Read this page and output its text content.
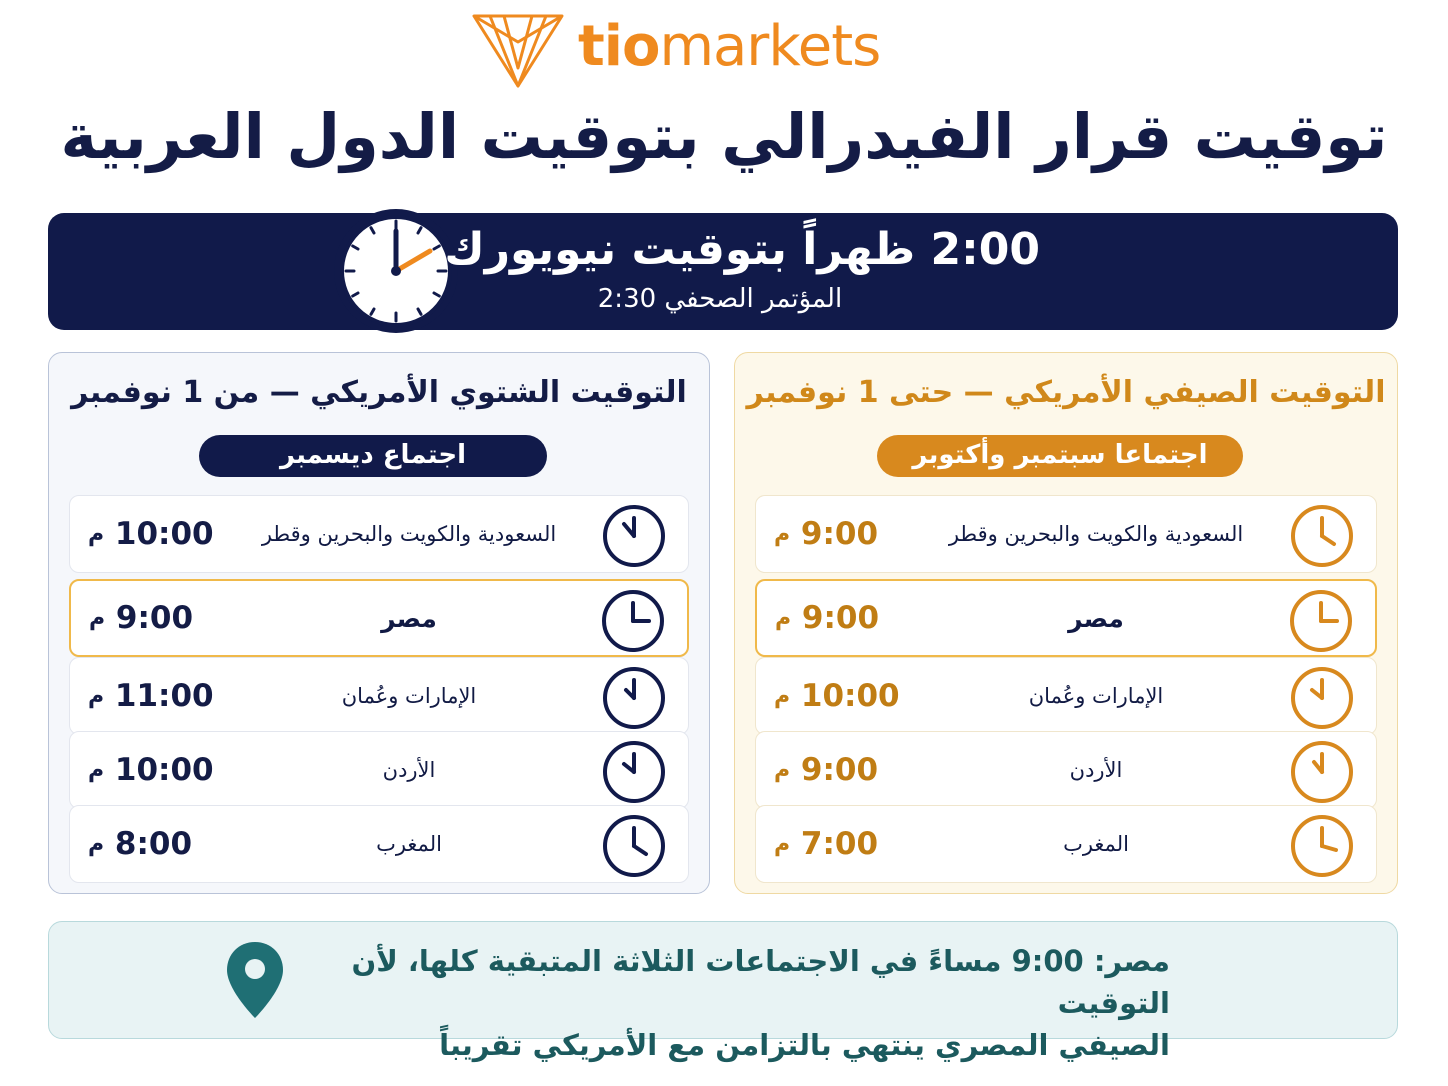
tiomarkets
توقيت قرار الفيدرالي بتوقيت الدول العربية
2:00 ظهراً بتوقيت نيويورك
المؤتمر الصحفي 2:30
التوقيت الشتوي الأمريكي — من 1 نوفمبر
اجتماع ديسمبر
السعودية والكويت والبحرين وقطر
10:00

م
مصر
9:00

م
الإمارات وعُمان
11:00

م
الأردن
10:00

م
المغرب
8:00

م
التوقيت الصيفي الأمريكي — حتى 1 نوفمبر
اجتماعا سبتمبر وأكتوبر
السعودية والكويت والبحرين وقطر
9:00

م
مصر
9:00

م
الإمارات وعُمان
10:00

م
الأردن
9:00

م
المغرب
7:00

م
مصر: 9:00 مساءً في الاجتماعات الثلاثة المتبقية كلها، لأن التوقيت
الصيفي المصري ينتهي بالتزامن مع الأمريكي تقريباً
